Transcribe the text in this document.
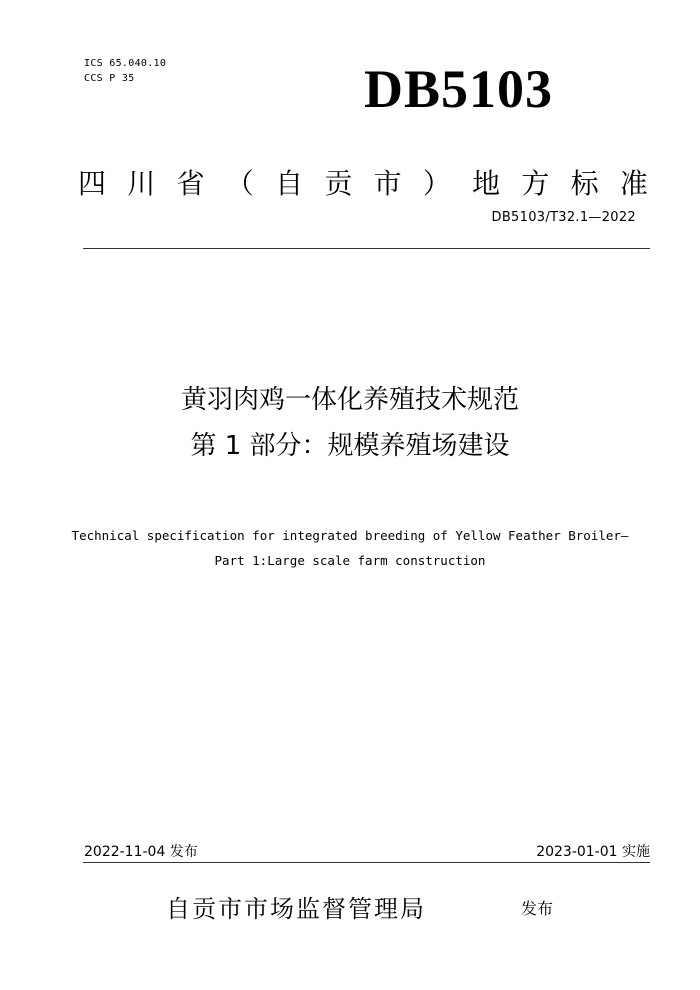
ICS 65.040.10
CCS P 35	DB5103
四 川 省 （ 自 贡 市 ） 地 方 标 准
DB5103/T32.1—2022
黄羽肉鸡一体化养殖技术规范
第 1 部分：规模养殖场建设
Technical specification for integrated breeding of Yellow Feather Broiler—
Part 1:Large scale farm construction
2022-11-04 发布	2023-01-01 实施
自贡市市场监督管理局	发布
